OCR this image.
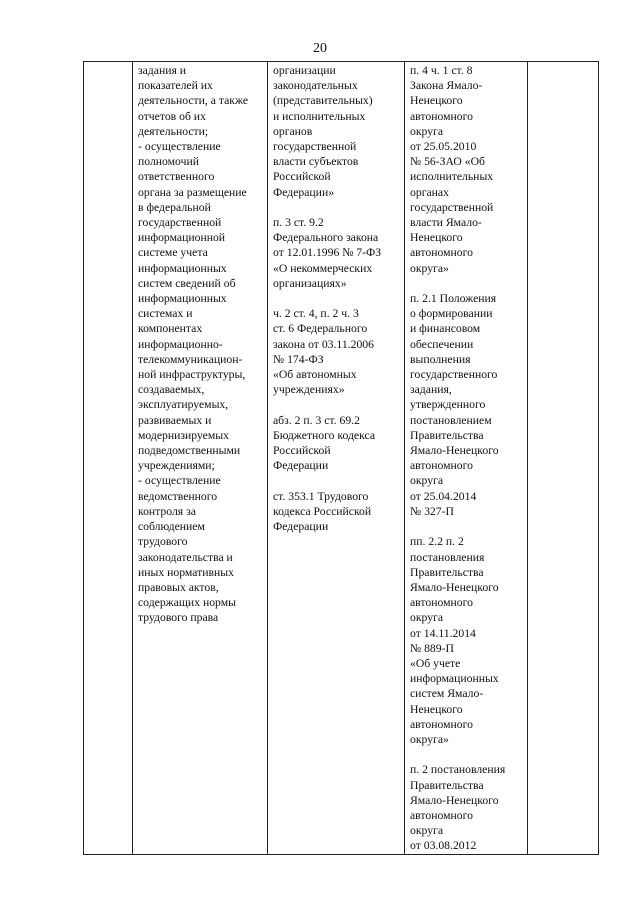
20
	задания и
показателей их
деятельности, а также
отчетов об их
деятельности;
- осуществление
полномочий
ответственного
органа за размещение
в федеральной
государственной
информационной
системе учета
информационных
систем сведений об
информационных
системах и
компонентах
информационно-
телекоммуникацион-
ной инфраструктуры,
создаваемых,
эксплуатируемых,
развиваемых и
модернизируемых
подведомственными
учреждениями;
- осуществление
ведомственного
контроля за
соблюдением
трудового
законодательства и
иных нормативных
правовых актов,
содержащих нормы
трудового права	организации
законодательных
(представительных)
и исполнительных
органов
государственной
власти субъектов
Российской
Федерации»

п. 3 ст. 9.2
Федерального закона
от 12.01.1996 № 7-ФЗ
«О некоммерческих
организациях»

ч. 2 ст. 4, п. 2 ч. 3
ст. 6 Федерального
закона от 03.11.2006
№ 174-ФЗ
«Об автономных
учреждениях»

абз. 2 п. 3 ст. 69.2
Бюджетного кодекса
Российской
Федерации

ст. 353.1 Трудового
кодекса Российской
Федерации	п. 4 ч. 1 ст. 8
Закона Ямало-
Ненецкого
автономного
округа
от 25.05.2010
№ 56-ЗАО «Об
исполнительных
органах
государственной
власти Ямало-
Ненецкого
автономного
округа»

п. 2.1 Положения
о формировании
и финансовом
обеспечении
выполнения
государственного
задания,
утвержденного
постановлением
Правительства
Ямало-Ненецкого
автономного
округа
от 25.04.2014
№ 327-П

пп. 2.2 п. 2
постановления
Правительства
Ямало-Ненецкого
автономного
округа
от 14.11.2014
№ 889-П
«Об учете
информационных
систем Ямало-
Ненецкого
автономного
округа»

п. 2 постановления
Правительства
Ямало-Ненецкого
автономного
округа
от 03.08.2012	
